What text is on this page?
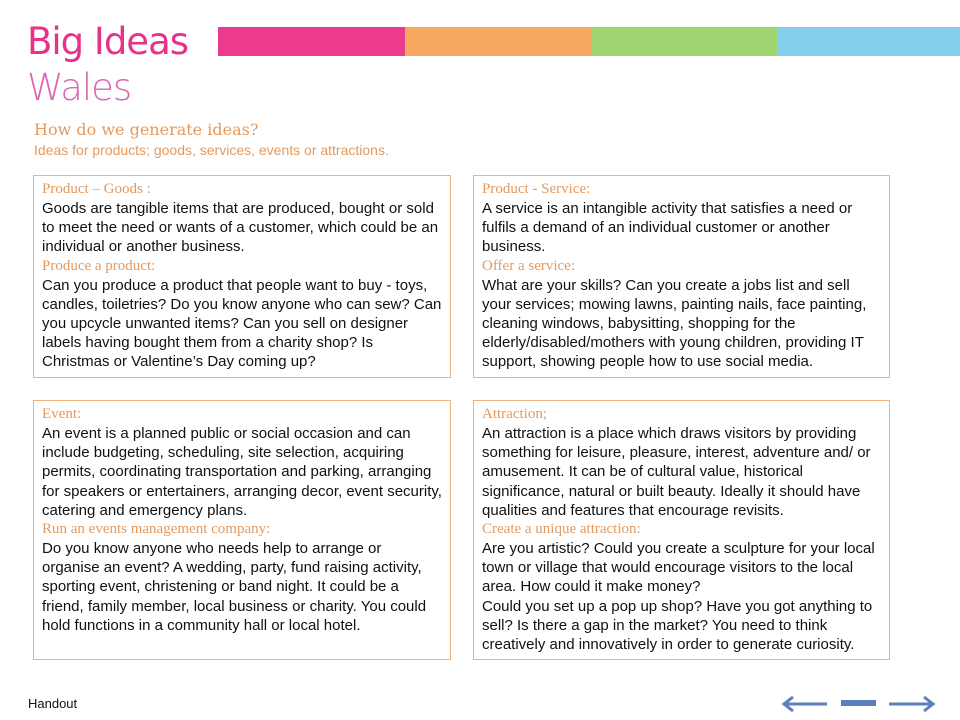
Big Ideas
Wales
How do we generate ideas?
Ideas for products; goods, services, events or attractions.
Product – Goods :
Goods are tangible items that are produced, bought or sold to meet the need or wants of a customer, which could be an individual or another business.
Produce a product:
Can you produce a product that people want to buy - toys, candles, toiletries? Do you know anyone who can sew? Can you upcycle unwanted items? Can you sell on designer labels having bought them from a charity shop? Is Christmas or Valentine’s Day coming up?
Product - Service:
A service is an intangible activity that satisfies a need or fulfils a demand of an individual customer or another business.
Offer a service:
What are your skills? Can you create a jobs list and sell your services; mowing lawns, painting nails, face painting, cleaning windows, babysitting, shopping for the elderly/disabled/mothers with young children, providing IT support, showing people how to use social media.
Event:
An event is a planned public or social occasion and can include budgeting, scheduling, site selection, acquiring permits, coordinating transportation and parking, arranging for speakers or entertainers, arranging decor, event security, catering and emergency plans.
Run an events management company:
Do you know anyone who needs help to arrange or organise an event? A wedding, party, fund raising activity, sporting event, christening or band night. It could be a friend, family member, local business or charity. You could hold functions in a community hall or local hotel.
Attraction;
An attraction is a place which draws visitors by providing something for leisure, pleasure, interest, adventure and/ or amusement. It can be of cultural value, historical significance, natural or built beauty. Ideally it should have qualities and features that encourage revisits.
Create a unique attraction:
Are you artistic? Could you create a sculpture for your local town or village that would encourage visitors to the local area. How could it make money?
Could you set up a pop up shop? Have you got anything to sell? Is there a gap in the market? You need to think creatively and innovatively in order to generate curiosity.
Handout
